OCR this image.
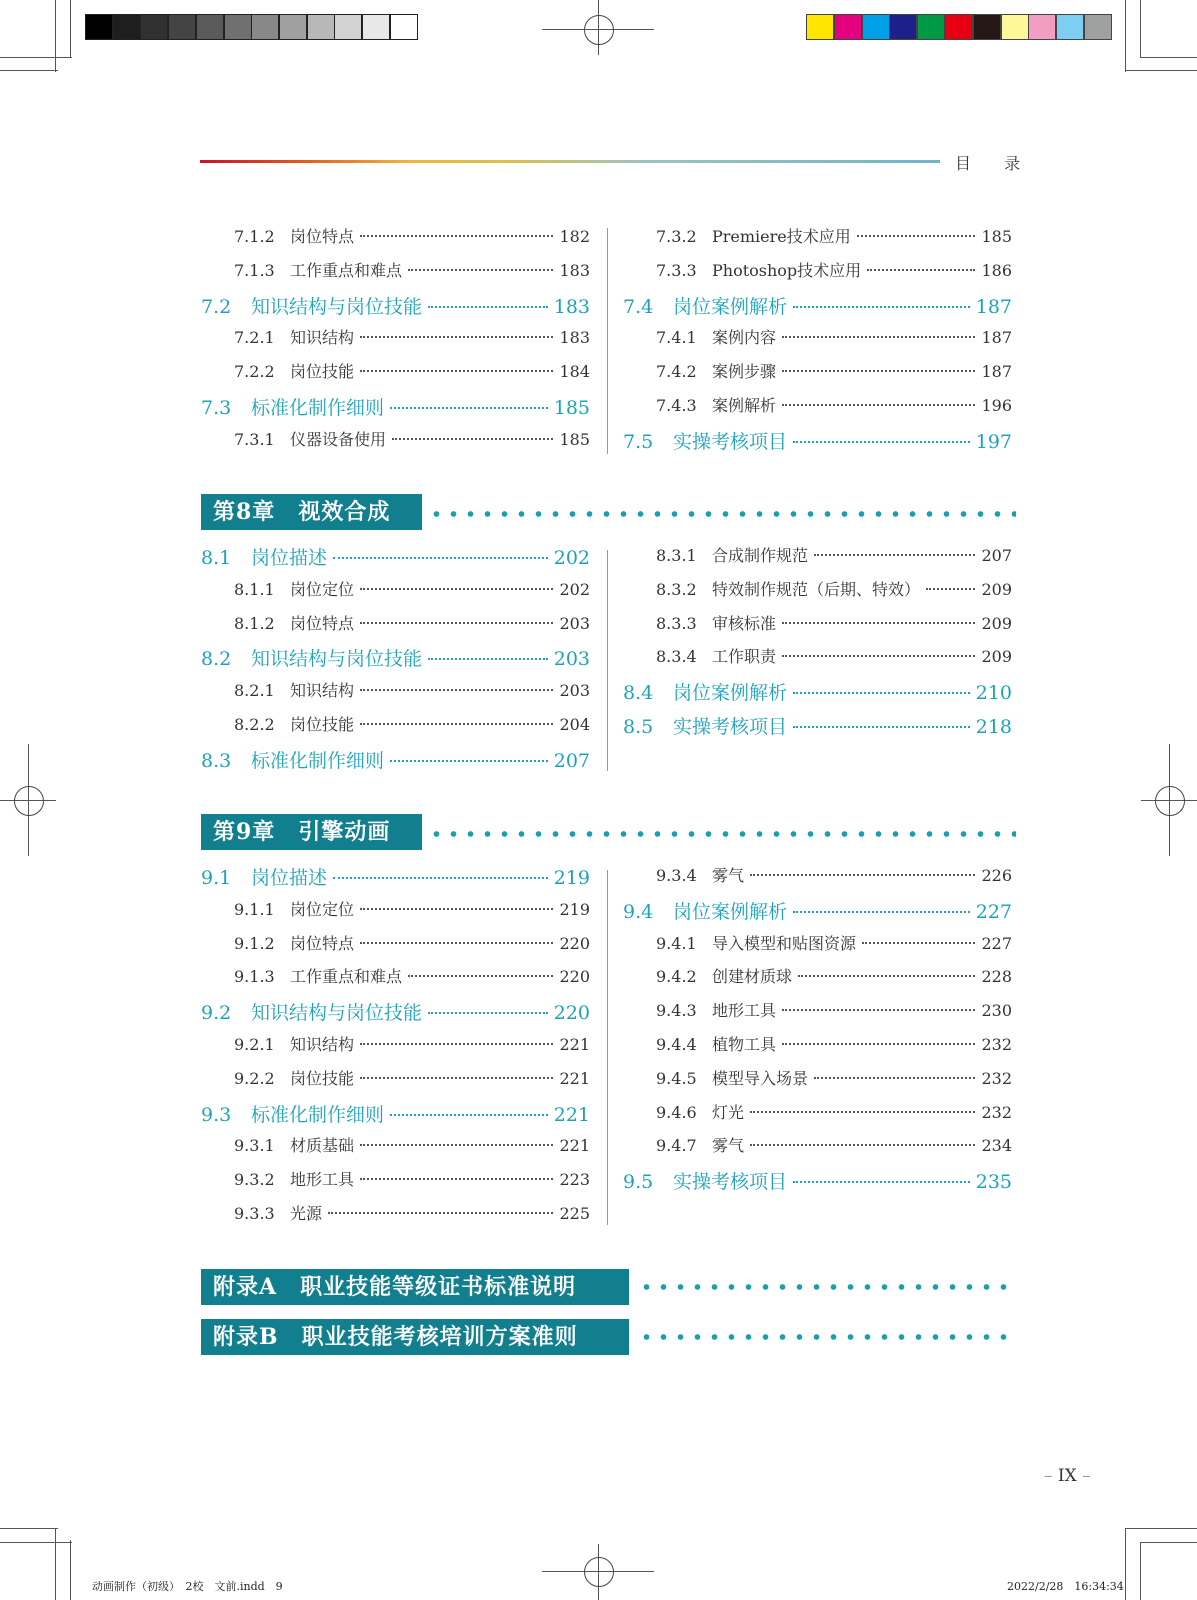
目 录
7.1.2 岗位特点	182
7.1.3 工作重点和难点	183
7.2	知识结构与岗位技能	183
7.2.1 知识结构	183
7.2.2 岗位技能	184
7.3	标准化制作细则	185
7.3.1 仪器设备使用	185
7.3.2 Premiere技术应用	185
7.3.3 Photoshop技术应用	186
7.4	岗位案例解析	187
7.4.1 案例内容	187
7.4.2 案例步骤	187
7.4.3 案例解析	196
7.5	实操考核项目	197
8.1	岗位描述	202
8.1.1 岗位定位	202
8.1.2 岗位特点	203
8.2	知识结构与岗位技能	203
8.2.1 知识结构	203
8.2.2 岗位技能	204
8.3	标准化制作细则	207
8.3.1 合成制作规范	207
8.3.2 特效制作规范（后期、特效）	209
8.3.3 审核标准	209
8.3.4 工作职责	209
8.4	岗位案例解析	210
8.5	实操考核项目	218
9.1	岗位描述	219
9.1.1 岗位定位	219
9.1.2 岗位特点	220
9.1.3 工作重点和难点	220
9.2	知识结构与岗位技能	220
9.2.1 知识结构	221
9.2.2 岗位技能	221
9.3	标准化制作细则	221
9.3.1 材质基础	221
9.3.2 地形工具	223
9.3.3 光源	225
9.3.4 雾气	226
9.4	岗位案例解析	227
9.4.1 导入模型和贴图资源	227
9.4.2 创建材质球	228
9.4.3 地形工具	230
9.4.4 植物工具	232
9.4.5 模型导入场景	232
9.4.6 灯光	232
9.4.7 雾气	234
9.5	实操考核项目	235
第8章　 视效合成
第9章　 引擎动画
附录A　 职业技能等级证书标准说明
附录B　 职业技能考核培训方案准则
– IX –
动画制作（初级）　2校　文前.indd　9	2022/2/28　16:34:34
